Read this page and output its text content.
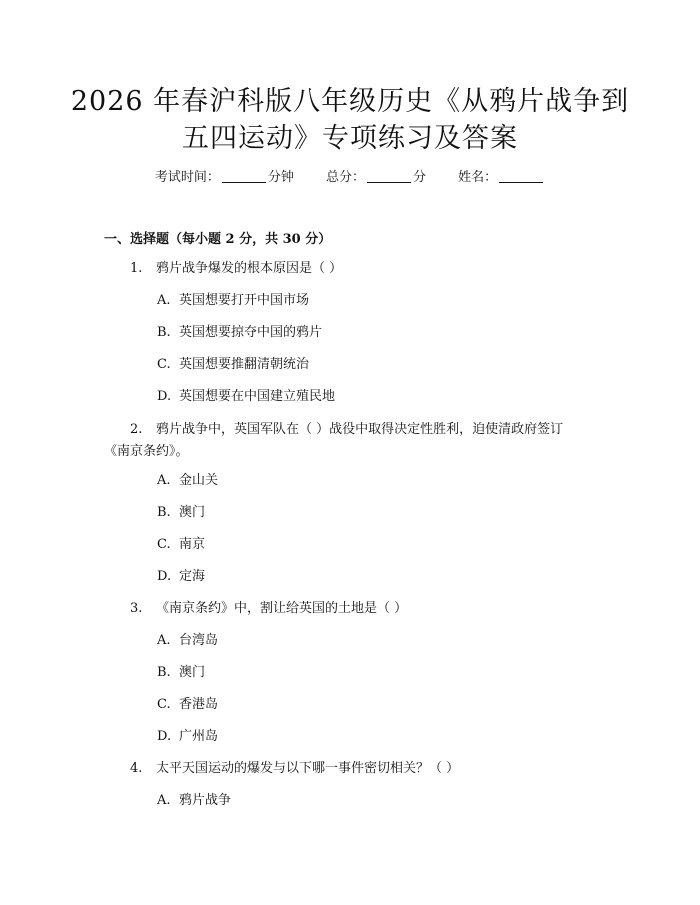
2026 年春沪科版八年级历史《从鸦片战争到
五四运动》专项练习及答案
考试时间：	分钟 总分：	分 姓名：
一、选择题（每小题 2 分，共 30 分）
1. 鸦片战争爆发的根本原因是（ ）
A. 英国想要打开中国市场
B. 英国想要掠夺中国的鸦片
C. 英国想要推翻清朝统治
D. 英国想要在中国建立殖民地
2. 鸦片战争中，英国军队在（ ）战役中取得决定性胜利，迫使清政府签订
《南京条约》。
A. 金山关
B. 澳门
C. 南京
D. 定海
3. 《南京条约》中，割让给英国的土地是（ ）
A. 台湾岛
B. 澳门
C. 香港岛
D. 广州岛
4. 太平天国运动的爆发与以下哪一事件密切相关？（ ）
A. 鸦片战争
